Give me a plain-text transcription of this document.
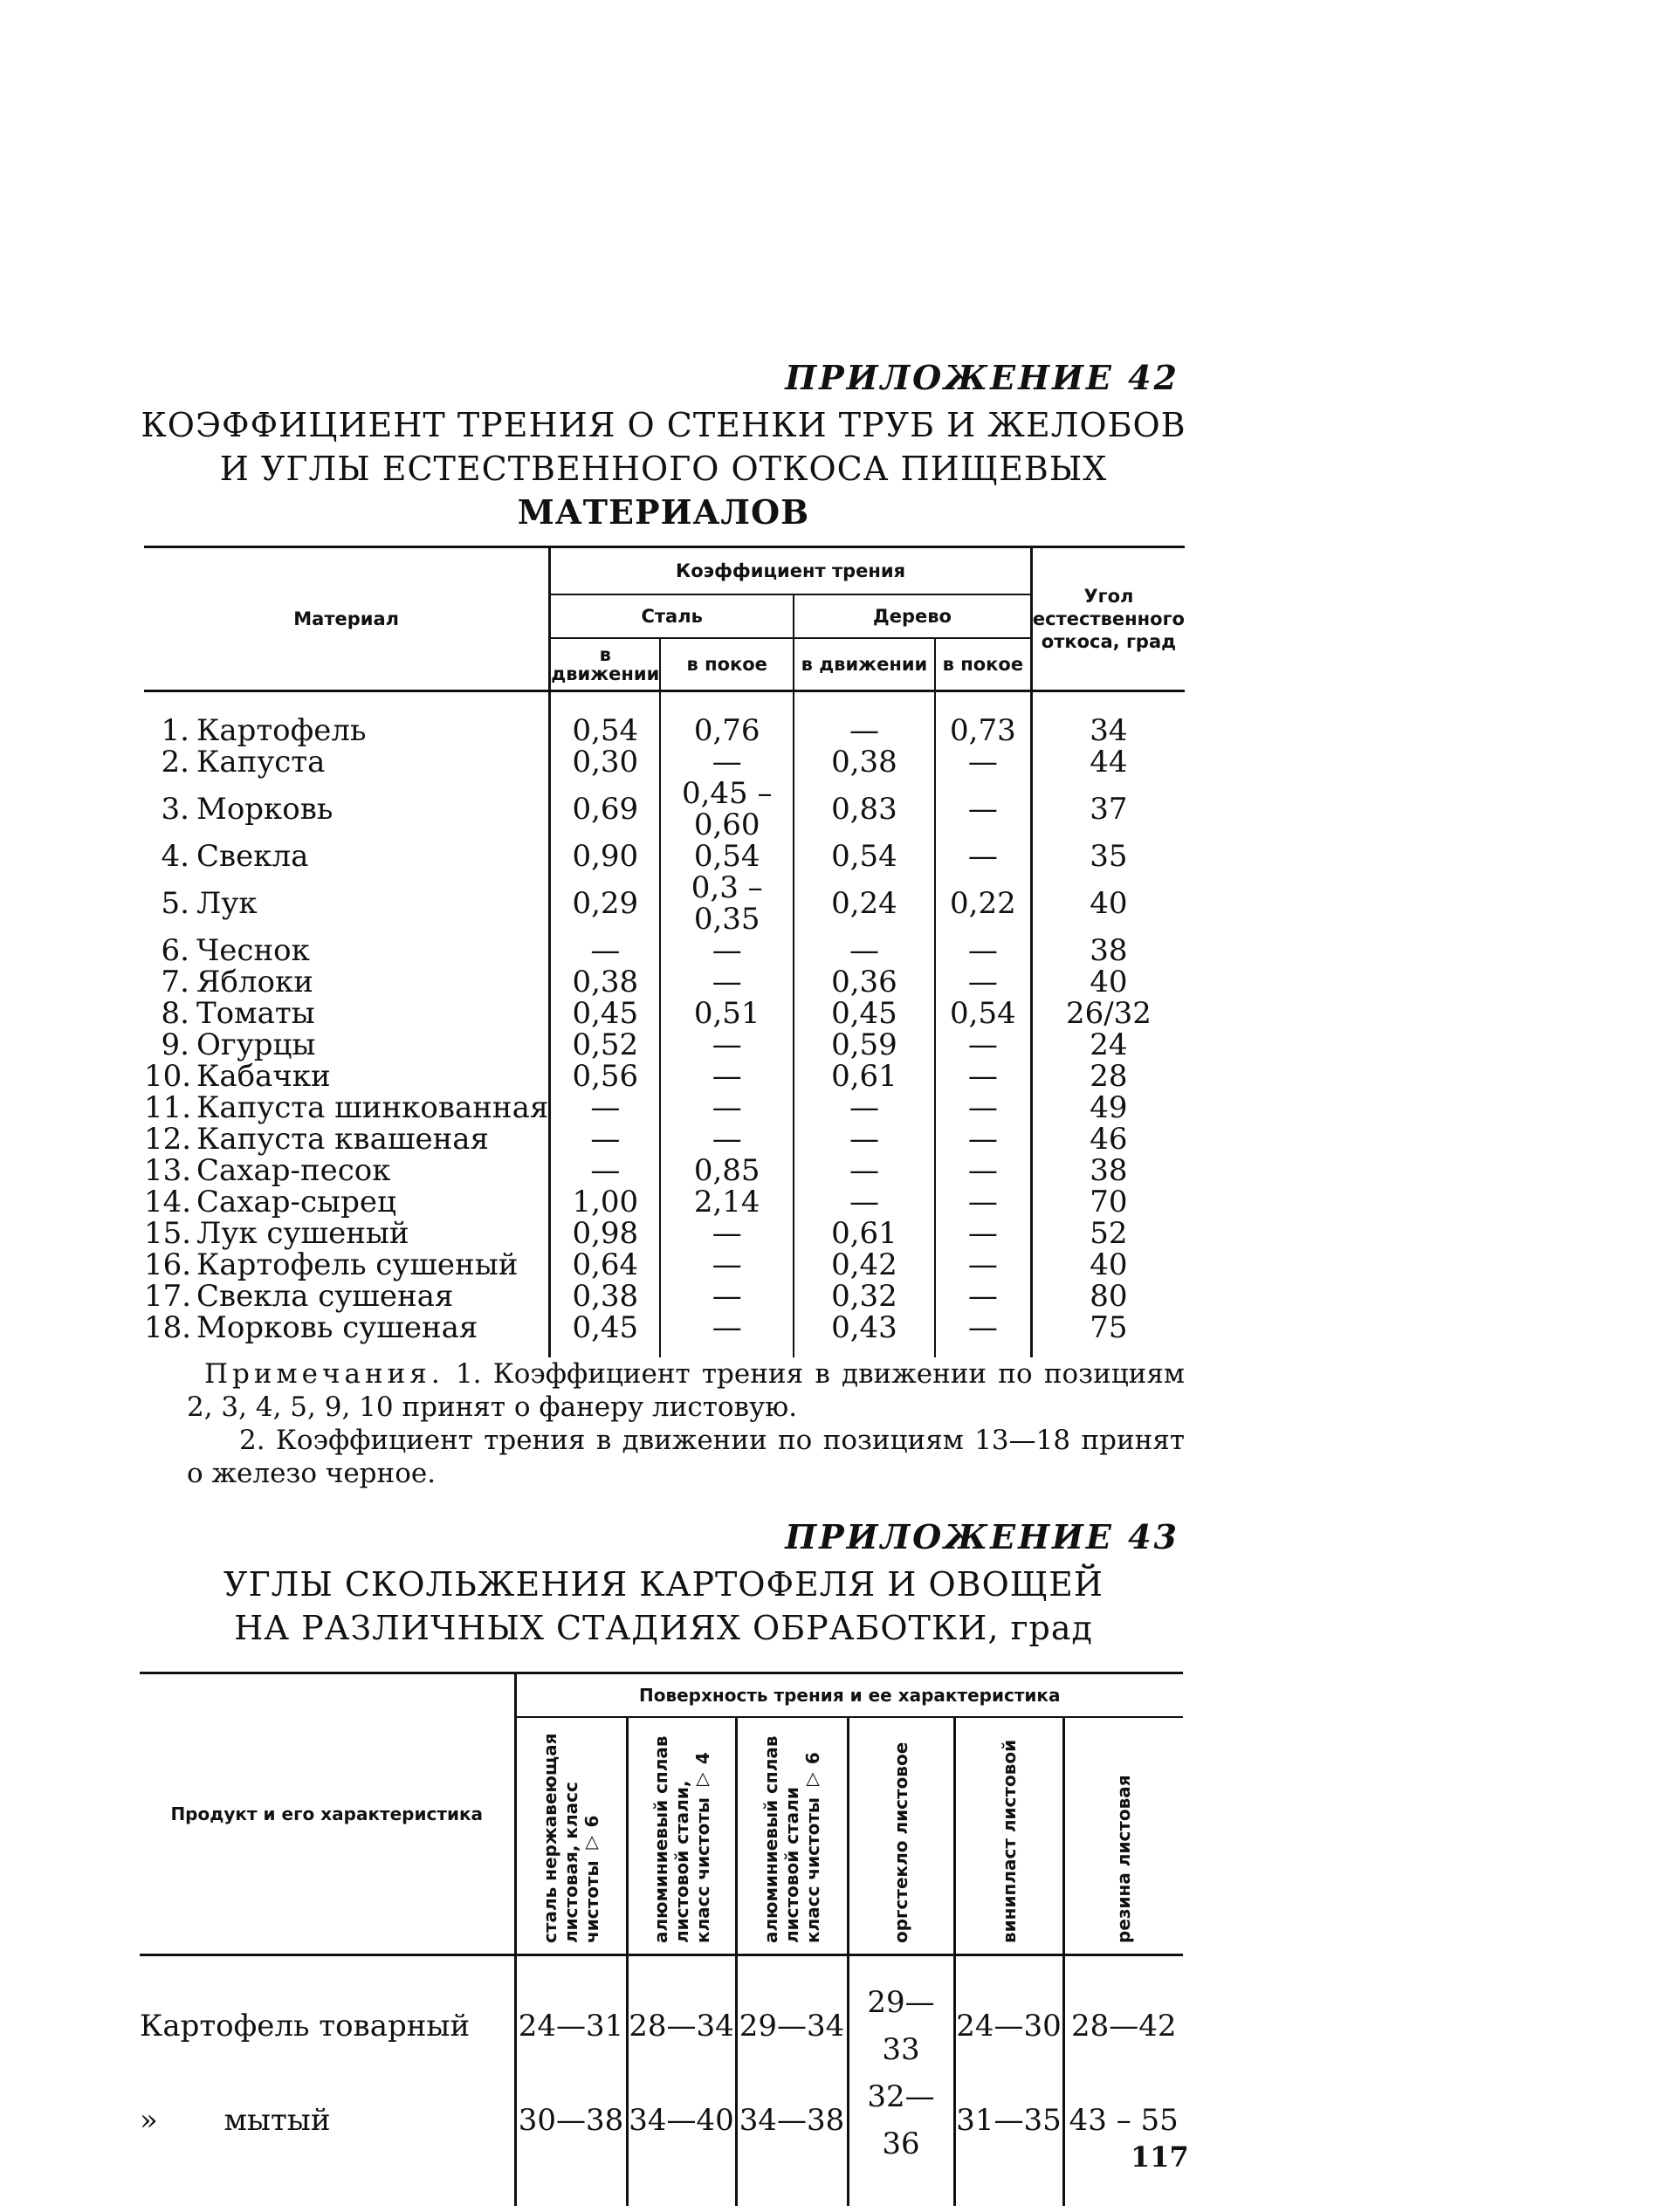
ПРИЛОЖЕНИЕ 42
КОЭФФИЦИЕНТ ТРЕНИЯ О СТЕНКИ ТРУБ И ЖЕЛОБОВ
И УГЛЫ ЕСТЕСТВЕННОГО ОТКОСА ПИЩЕВЫХ
МАТЕРИАЛОВ
Материал	Коэффициент трения				Угол естественного откоса, град
	Сталь		Дерево		
	в движении	в покое	в движении	в покое	
1. Картофель	0,54	0,76	—	0,73	34
2. Капуста	0,30	—	0,38	—	44
3. Морковь	0,69	0,45 – 0,60	0,83	—	37
4. Свекла	0,90	0,54	0,54	—	35
5. Лук	0,29	0,3 – 0,35	0,24	0,22	40
6. Чеснок	—	—	—	—	38
7. Яблоки	0,38	—	0,36	—	40
8. Томаты	0,45	0,51	0,45	0,54	26/32
9. Огурцы	0,52	—	0,59	—	24
10. Кабачки	0,56	—	0,61	—	28
11. Капуста шинкованная	—	—	—	—	49
12. Капуста квашеная	—	—	—	—	46
13. Сахар-песок	—	0,85	—	—	38
14. Сахар-сырец	1,00	2,14	—	—	70
15. Лук сушеный	0,98	—	0,61	—	52
16. Картофель сушеный	0,64	—	0,42	—	40
17. Свекла сушеная	0,38	—	0,32	—	80
18. Морковь сушеная	0,45	—	0,43	—	75

Примечания. 1. Коэффициент трения в движении по позициям 2, 3, 4, 5, 9, 10 принят о фанеру листовую.

2. Коэффициент трения в движении по позициям 13—18 принят о железо черное.

ПРИЛОЖЕНИЕ 43
УГЛЫ СКОЛЬЖЕНИЯ КАРТОФЕЛЯ И ОВОЩЕЙ
НА РАЗЛИЧНЫХ СТАДИЯХ ОБРАБОТКИ, град
Продукт и его характеристика	Поверхность трения и ее характеристика					
	сталь нержавеющая листовая, класс чистоты ▽ 6	алюминиевый сплав листовой стали, класс чистоты ▽ 4	алюминиевый сплав листовой стали класс чистоты ▽ 6	оргстекло листовое	винипласт листовой	резина листовая
Картофель товарный	24—31	28—34	29—34	29—33	24—30	28—42
»       мытый	30—38	34—40	34—38	32—36	31—35	43 – 55
117
